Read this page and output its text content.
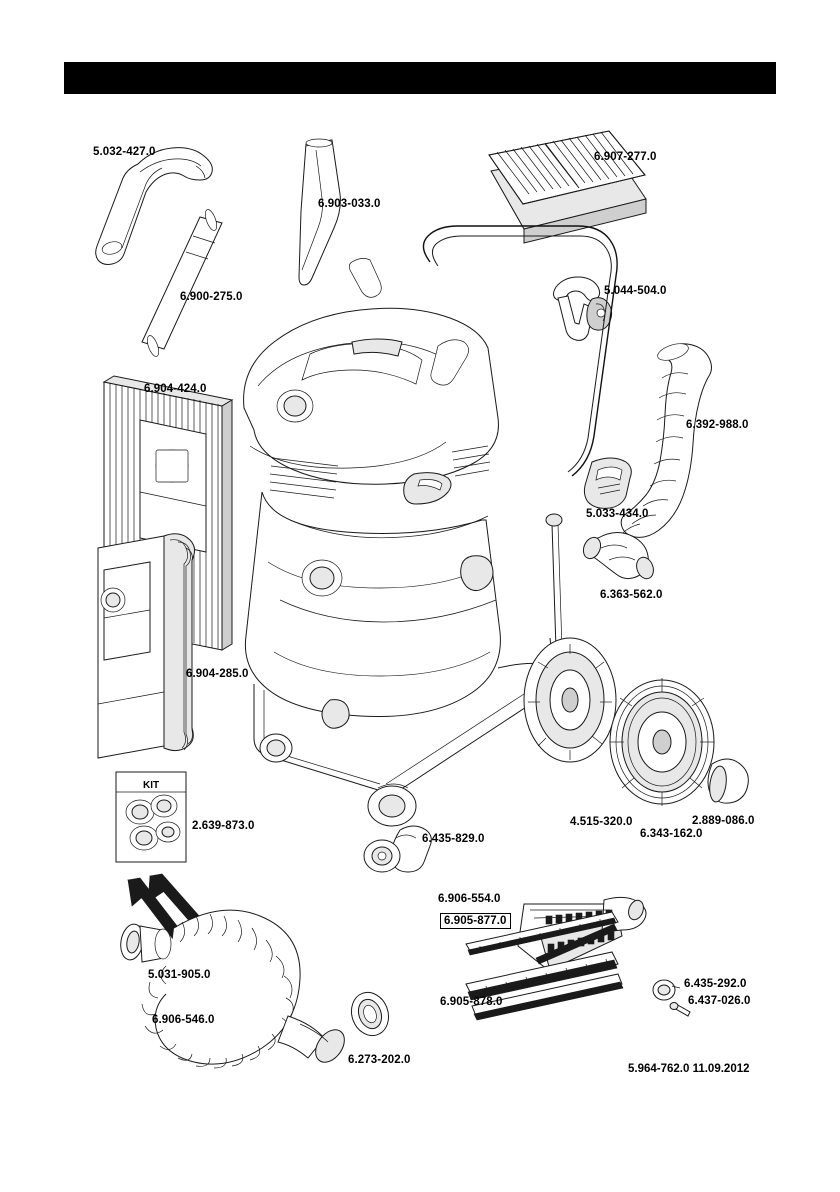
KIT
5.032-427.0
6.903-033.0
6.900-275.0
6.907-277.0
5.044-504.0
6.392-988.0
6.904-424.0
5.033-434.0
6.363-562.0
6.904-285.0
4.515-320.0
6.343-162.0
2.889-086.0
2.639-873.0
6.435-829.0
6.906-554.0
6.905-877.0
6.905-878.0
6.435-292.0
6.437-026.0
5.031-905.0
6.906-546.0
6.273-202.0
5.964-762.0 11.09.2012
